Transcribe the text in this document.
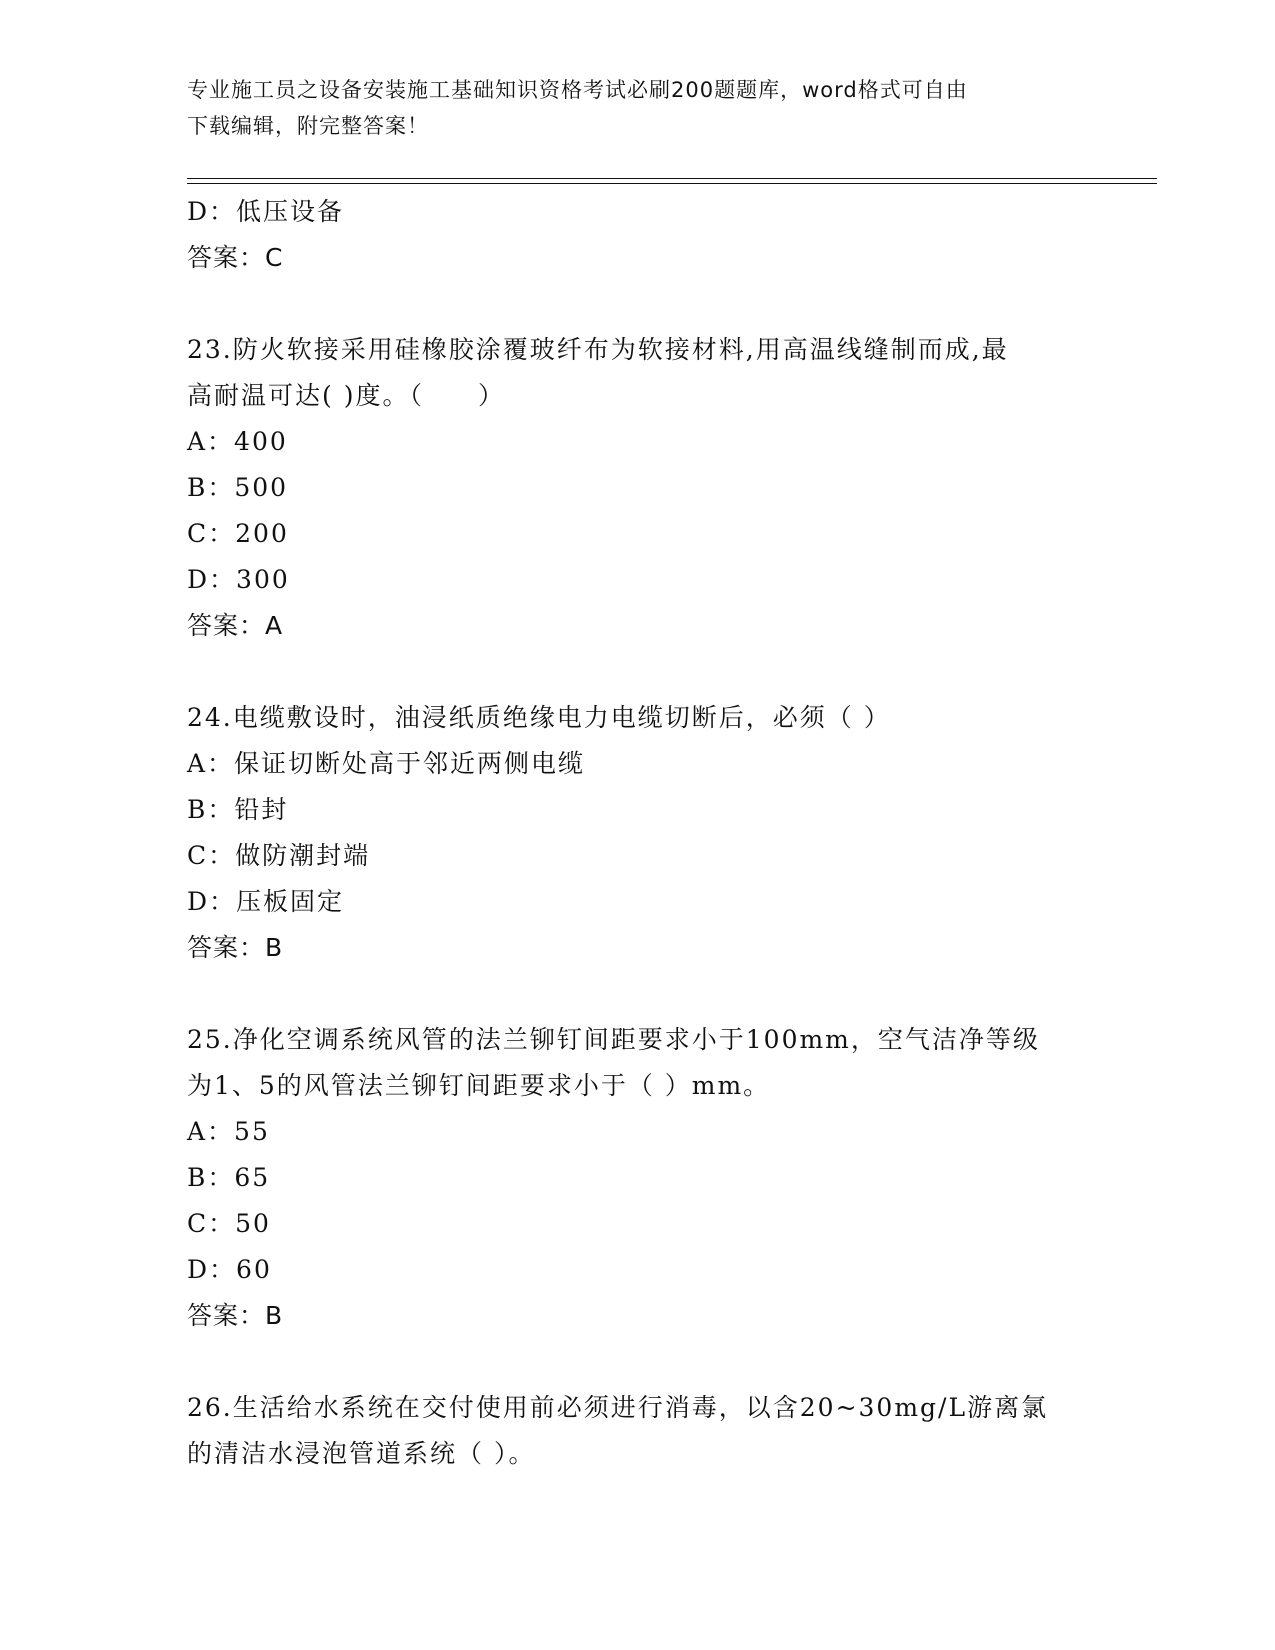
专业施工员之设备安装施工基础知识资格考试必刷200题题库，word格式可自由
下载编辑，附完整答案！
D：低压设备
答案：C
23.防火软接采用硅橡胶涂覆玻纤布为软接材料,用高温线缝制而成,最
高耐温可达( )度。（　　）
A：400
B：500
C：200
D：300
答案：A
24.电缆敷设时，油浸纸质绝缘电力电缆切断后，必须（ ）
A：保证切断处高于邻近两侧电缆
B：铅封
C：做防潮封端
D：压板固定
答案：B
25.净化空调系统风管的法兰铆钉间距要求小于100mm，空气洁净等级
为1、5的风管法兰铆钉间距要求小于（ ）mm。
A：55
B：65
C：50
D：60
答案：B
26.生活给水系统在交付使用前必须进行消毒，以含20~30mg/L游离氯
的清洁水浸泡管道系统（ ）。
